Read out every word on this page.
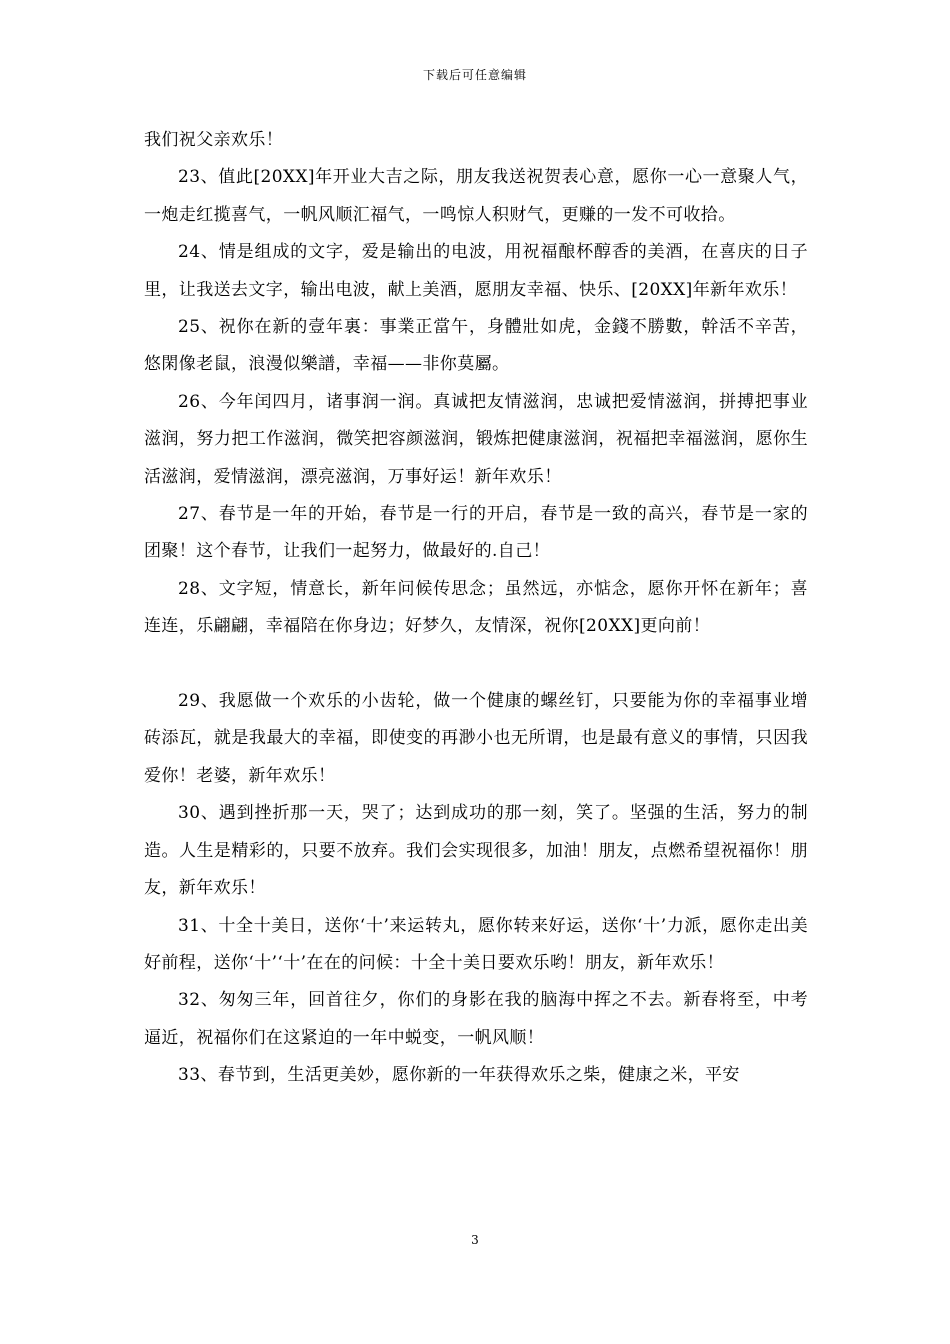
下载后可任意编辑

我们祝父亲欢乐！

23、值此[20XX]年开业大吉之际，朋友我送祝贺表心意，愿你一心一意聚人气，一炮走红揽喜气，一帆风顺汇福气，一鸣惊人积财气，更赚的一发不可收拾。

24、情是组成的文字，爱是输出的电波，用祝福酿杯醇香的美酒，在喜庆的日子里，让我送去文字，输出电波，献上美酒，愿朋友幸福、快乐、[20XX]年新年欢乐！

25、祝你在新的壹年裏：事業正當午，身體壯如虎，金錢不勝數，幹活不辛苦，悠閑像老鼠，浪漫似樂譜，幸福——非你莫屬。

26、今年闰四月，诸事润一润。真诚把友情滋润，忠诚把爱情滋润，拼搏把事业滋润，努力把工作滋润，微笑把容颜滋润，锻炼把健康滋润，祝福把幸福滋润，愿你生活滋润，爱情滋润，漂亮滋润，万事好运！新年欢乐！

27、春节是一年的开始，春节是一行的开启，春节是一致的高兴，春节是一家的团聚！这个春节，让我们一起努力，做最好的.自己！

28、文字短，情意长，新年问候传思念；虽然远，亦惦念，愿你开怀在新年；喜连连，乐翩翩，幸福陪在你身边；好梦久，友情深，祝你[20XX]更向前！

29、我愿做一个欢乐的小齿轮，做一个健康的螺丝钉，只要能为你的幸福事业增砖添瓦，就是我最大的幸福，即使变的再渺小也无所谓，也是最有意义的事情，只因我爱你！老婆，新年欢乐！

30、遇到挫折那一天，哭了；达到成功的那一刻，笑了。坚强的生活，努力的制造。人生是精彩的，只要不放弃。我们会实现很多，加油！朋友，点燃希望祝福你！朋友，新年欢乐！

31、十全十美日，送你‘十’来运转丸，愿你转来好运，送你‘十’力派，愿你走出美好前程，送你‘十’‘十’在在的问候：十全十美日要欢乐哟！朋友，新年欢乐！

32、匆匆三年，回首往夕，你们的身影在我的脑海中挥之不去。新春将至，中考逼近，祝福你们在这紧迫的一年中蜕变，一帆风顺！

33、春节到，生活更美妙，愿你新的一年获得欢乐之柴，健康之米，平安

3
